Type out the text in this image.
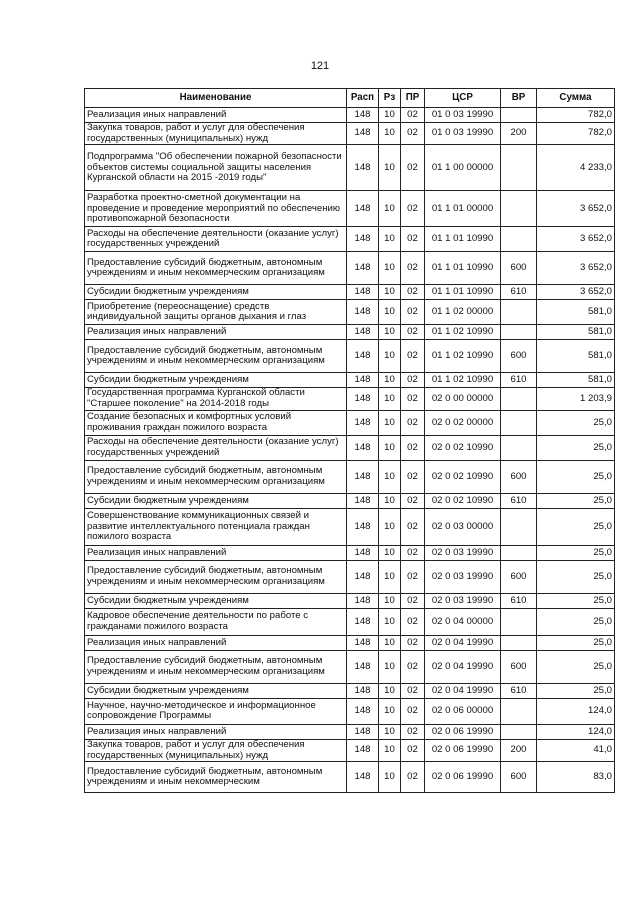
121
Наименование	Расп	Рз	ПР	ЦСР	ВР	Сумма
Реализация иных направлений	148	10	02	01 0 03 19990		782,0
Закупка товаров, работ и услуг для обеспечения государственных (муниципальных) нужд	148	10	02	01 0 03 19990	200	782,0
Подпрограмма "Об обеспечении пожарной безопасности объектов системы социальной защиты населения Курганской области на 2015 -2019 годы"	148	10	02	01 1 00 00000		4 233,0
Разработка проектно-сметной документации на проведение и проведение мероприятий по обеспечению противопожарной безопасности	148	10	02	01 1 01 00000		3 652,0
Расходы на обеспечение деятельности (оказание услуг) государственных учреждений	148	10	02	01 1 01 10990		3 652,0
Предоставление субсидий бюджетным, автономным учреждениям и иным некоммерческим организациям	148	10	02	01 1 01 10990	600	3 652,0
Субсидии бюджетным учреждениям	148	10	02	01 1 01 10990	610	3 652,0
Приобретение (переоснащение) средств индивидуальной защиты органов дыхания и глаз	148	10	02	01 1 02 00000		581,0
Реализация иных направлений	148	10	02	01 1 02 10990		581,0
Предоставление субсидий бюджетным, автономным учреждениям и иным некоммерческим организациям	148	10	02	01 1 02 10990	600	581,0
Субсидии бюджетным учреждениям	148	10	02	01 1 02 10990	610	581,0
Государственная программа Курганской области "Старшее поколение" на 2014-2018 годы	148	10	02	02 0 00 00000		1 203,9
Создание безопасных и комфортных условий проживания граждан пожилого возраста	148	10	02	02 0 02 00000		25,0
Расходы на обеспечение деятельности (оказание услуг) государственных учреждений	148	10	02	02 0 02 10990		25,0
Предоставление субсидий бюджетным, автономным учреждениям и иным некоммерческим организациям	148	10	02	02 0 02 10990	600	25,0
Субсидии бюджетным учреждениям	148	10	02	02 0 02 10990	610	25,0
Совершенствование коммуникационных связей и развитие интеллектуального потенциала граждан пожилого возраста	148	10	02	02 0 03 00000		25,0
Реализация иных направлений	148	10	02	02 0 03 19990		25,0
Предоставление субсидий бюджетным, автономным учреждениям и иным некоммерческим организациям	148	10	02	02 0 03 19990	600	25,0
Субсидии бюджетным учреждениям	148	10	02	02 0 03 19990	610	25,0
Кадровое обеспечение деятельности по работе с гражданами пожилого возраста	148	10	02	02 0 04 00000		25,0
Реализация иных направлений	148	10	02	02 0 04 19990		25,0
Предоставление субсидий бюджетным, автономным учреждениям и иным некоммерческим организациям	148	10	02	02 0 04 19990	600	25,0
Субсидии бюджетным учреждениям	148	10	02	02 0 04 19990	610	25,0
Научное, научно-методическое и информационное сопровождение Программы	148	10	02	02 0 06 00000		124,0
Реализация иных направлений	148	10	02	02 0 06 19990		124,0
Закупка товаров, работ и услуг для обеспечения государственных (муниципальных) нужд	148	10	02	02 0 06 19990	200	41,0
Предоставление субсидий бюджетным, автономным учреждениям и иным некоммерческим	148	10	02	02 0 06 19990	600	83,0
